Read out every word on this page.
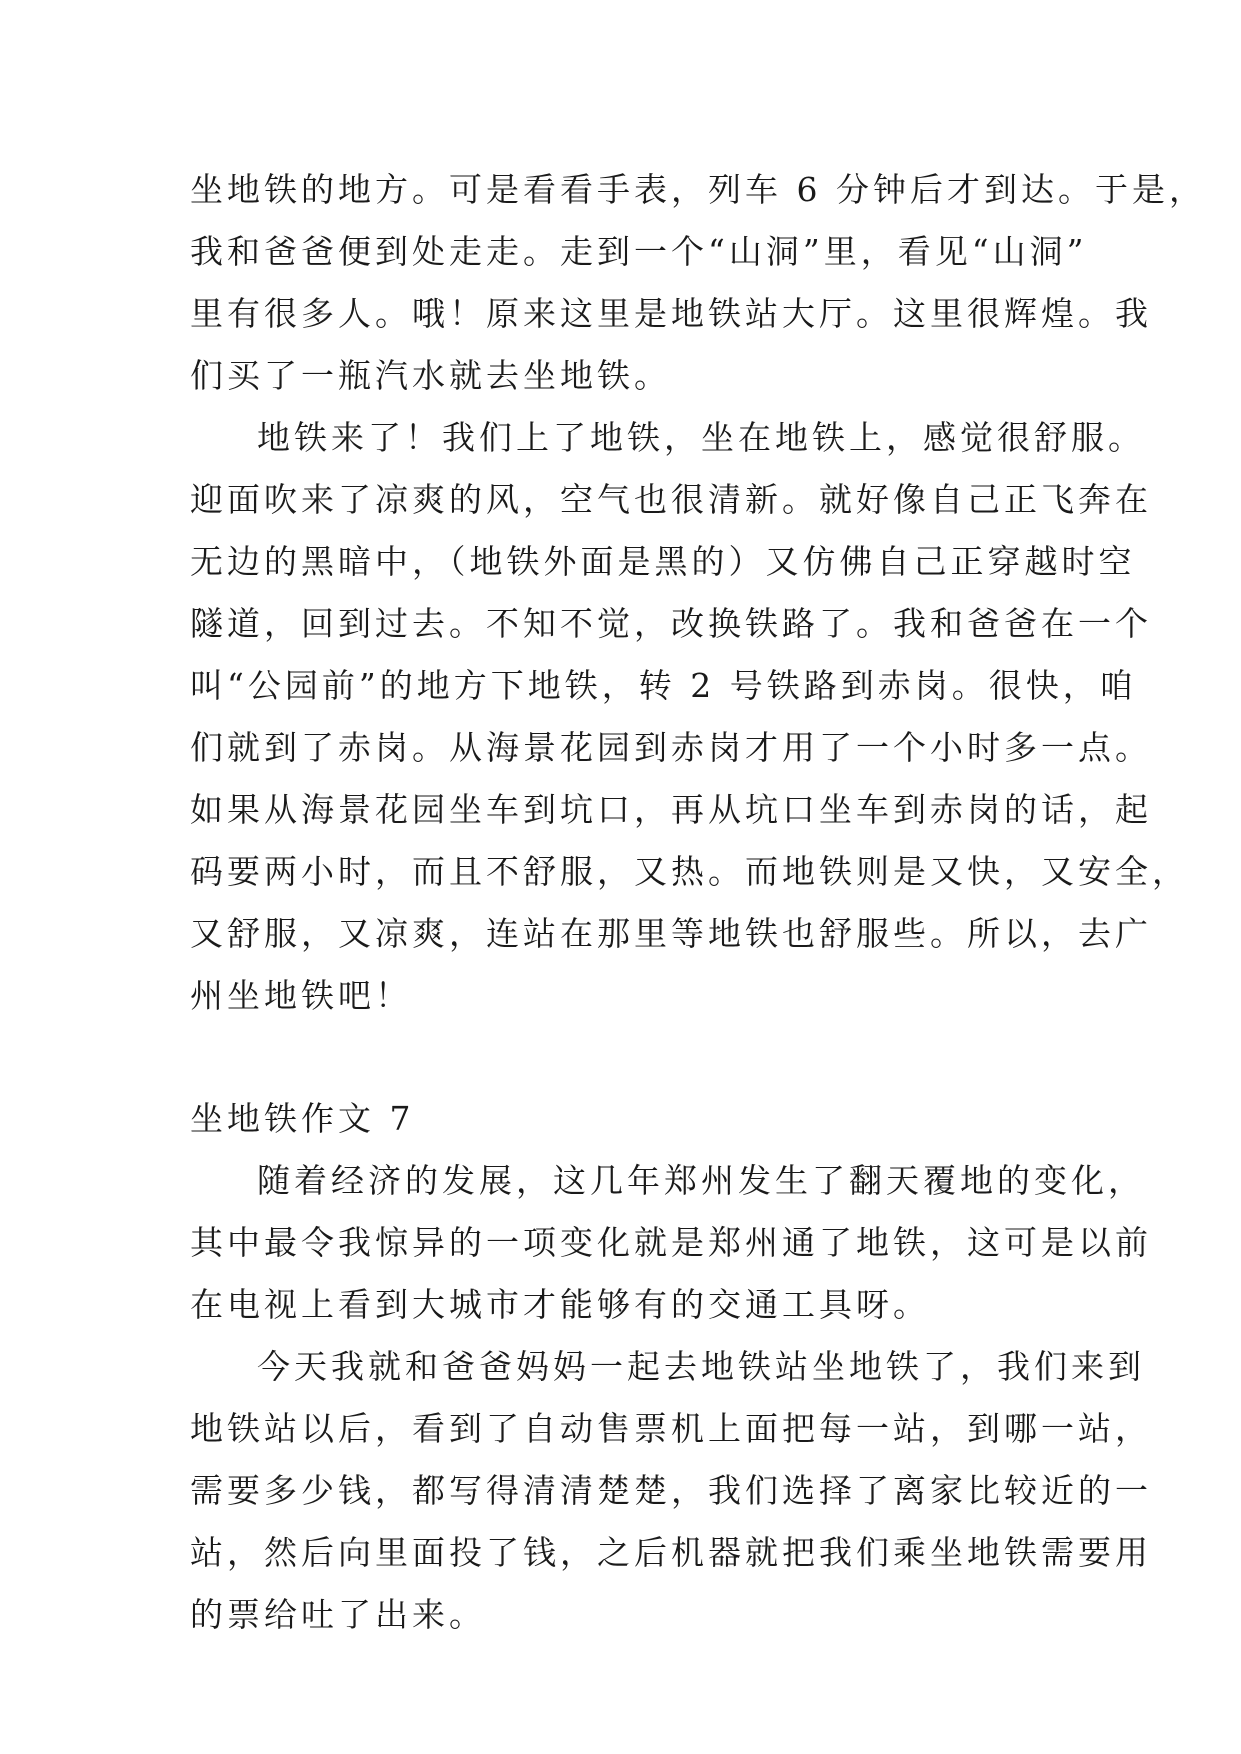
坐地铁的地方。可是看看手表，列车 6 分钟后才到达。于是，
我和爸爸便到处走走。走到一个“山洞”里，看见“山洞”
里有很多人。哦！原来这里是地铁站大厅。这里很辉煌。我
们买了一瓶汽水就去坐地铁。
地铁来了！我们上了地铁，坐在地铁上，感觉很舒服。
迎面吹来了凉爽的风，空气也很清新。就好像自己正飞奔在
无边的黑暗中，（地铁外面是黑的）又仿佛自己正穿越时空
隧道，回到过去。不知不觉，改换铁路了。我和爸爸在一个
叫“公园前”的地方下地铁，转 2 号铁路到赤岗。很快，咱
们就到了赤岗。从海景花园到赤岗才用了一个小时多一点。
如果从海景花园坐车到坑口，再从坑口坐车到赤岗的话，起
码要两小时，而且不舒服，又热。而地铁则是又快，又安全，
又舒服，又凉爽，连站在那里等地铁也舒服些。所以，去广
州坐地铁吧！
坐地铁作文 7
随着经济的发展，这几年郑州发生了翻天覆地的变化，
其中最令我惊异的一项变化就是郑州通了地铁，这可是以前
在电视上看到大城市才能够有的交通工具呀。
今天我就和爸爸妈妈一起去地铁站坐地铁了，我们来到
地铁站以后，看到了自动售票机上面把每一站，到哪一站，
需要多少钱，都写得清清楚楚，我们选择了离家比较近的一
站，然后向里面投了钱，之后机器就把我们乘坐地铁需要用
的票给吐了出来。
